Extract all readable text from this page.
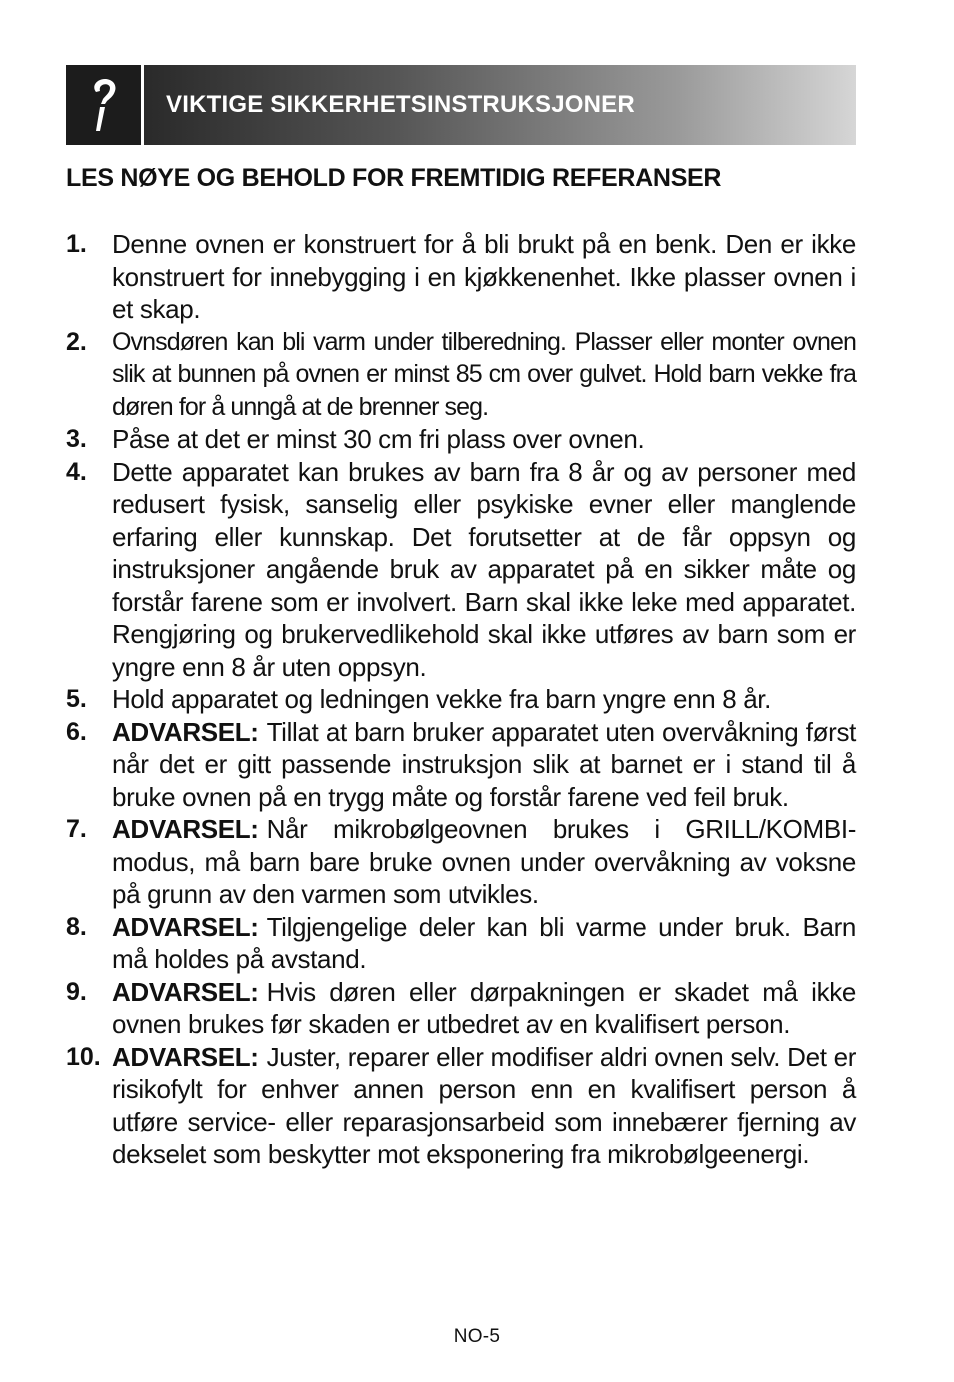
VIKTIGE SIKKERHETSINSTRUKSJONER
LES NØYE OG BEHOLD FOR FREMTIDIG REFERANSER
1. Denne ovnen er konstruert for å bli brukt på en benk. Den er ikke konstruert for innebygging i en kjøkkenenhet. Ikke plasser ovnen i et skap.
2.	Ovnsdøren kan bli varm under tilberedning. Plasser eller monter ovnen slik at bunnen på ovnen er minst 85 cm over gulvet. Hold barn vekke fra døren for å unngå at de brenner seg.
3. Påse at det er minst 30 cm fri plass over ovnen.
4. Dette apparatet kan brukes av barn fra 8 år og av personer med redusert fysisk, sanselig eller psykiske evner eller manglende erfaring eller kunnskap. Det forutsetter at de får oppsyn og instruksjoner angående bruk av apparatet på en sikker måte og forstår farene som er involvert. Barn skal ikke leke med apparatet. Rengjøring og brukervedlikehold skal ikke utføres av barn som er yngre enn 8 år uten oppsyn.
5. Hold apparatet og ledningen vekke fra barn yngre enn 8 år.
6. ADVARSEL: Tillat at barn bruker apparatet uten overvåkning først når det er gitt passende instruksjon slik at barnet er i stand til å bruke ovnen på en trygg måte og forstår farene ved feil bruk.
7. ADVARSEL: Når mikrobølgeovnen brukes i GRILL/KOMBI-modus, må barn bare bruke ovnen under overvåkning av voksne på grunn av den varmen som utvikles.
8. ADVARSEL: Tilgjengelige deler kan bli varme under bruk. Barn må holdes på avstand.
9. ADVARSEL: Hvis døren eller dørpakningen er skadet må ikke ovnen brukes før skaden er utbedret av en kvalifisert person.
10. ADVARSEL: Juster, reparer eller modifiser aldri ovnen selv. Det er risikofylt for enhver annen person enn en kvalifisert person å utføre service- eller reparasjonsarbeid som innebærer fjerning av dekselet som beskytter mot eksponering fra mikrobølgeenergi.
NO-5
